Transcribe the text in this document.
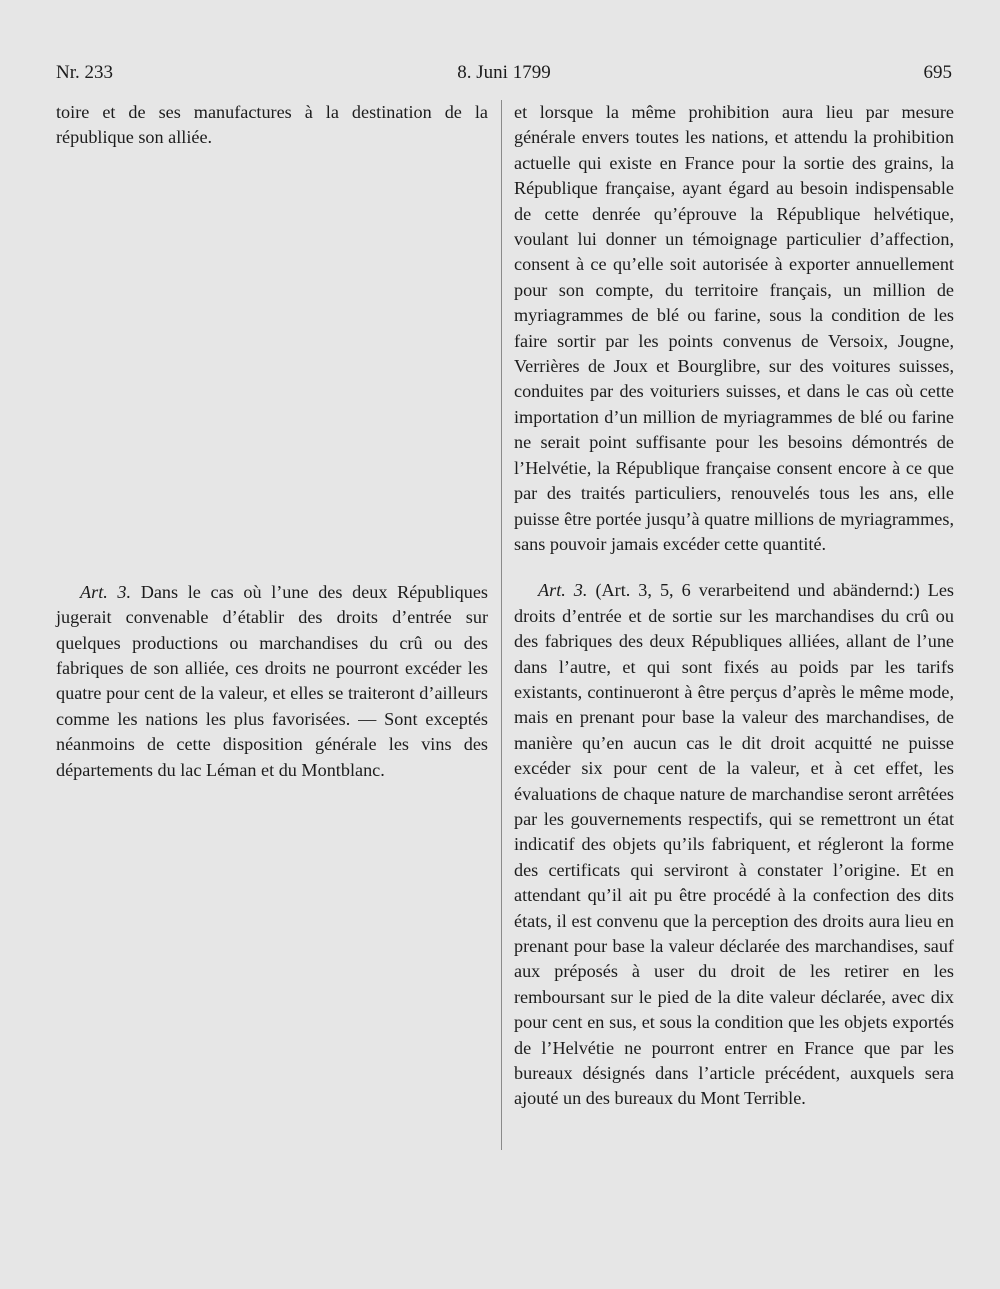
Nr. 233	8. Juni 1799	695

toire et de ses manufactures à la destination de la république son alliée.

Art. 3. Dans le cas où l’une des deux Républiques jugerait convenable d’établir des droits d’entrée sur quelques productions ou marchandises du crû ou des fabriques de son alliée, ces droits ne pourront excéder les quatre pour cent de la valeur, et elles se traiteront d’ailleurs comme les nations les plus favorisées. — Sont exceptés néanmoins de cette disposition générale les vins des départements du lac Léman et du Montblanc.

et lorsque la même prohibition aura lieu par mesure générale envers toutes les nations, et attendu la prohibition actuelle qui existe en France pour la sortie des grains, la République française, ayant égard au besoin indispensable de cette denrée qu’éprouve la République helvétique, voulant lui donner un témoignage particulier d’affection, consent à ce qu’elle soit autorisée à exporter annuellement pour son compte, du territoire français, un million de myriagrammes de blé ou farine, sous la condition de les faire sortir par les points convenus de Versoix, Jougne, Verrières de Joux et Bourglibre, sur des voitures suisses, conduites par des voituriers suisses, et dans le cas où cette importation d’un million de myriagrammes de blé ou farine ne serait point suffisante pour les besoins démontrés de l’Helvétie, la République française consent encore à ce que par des traités particuliers, renouvelés tous les ans, elle puisse être portée jusqu’à quatre millions de myriagrammes, sans pouvoir jamais excéder cette quantité.

Art. 3. (Art. 3, 5, 6 verarbeitend und abändernd:) Les droits d’entrée et de sortie sur les marchandises du crû ou des fabriques des deux Républiques alliées, allant de l’une dans l’autre, et qui sont fixés au poids par les tarifs existants, continueront à être perçus d’après le même mode, mais en prenant pour base la valeur des marchandises, de manière qu’en aucun cas le dit droit acquitté ne puisse excéder six pour cent de la valeur, et à cet effet, les évaluations de chaque nature de marchandise seront arrêtées par les gouvernements respectifs, qui se remettront un état indicatif des objets qu’ils fabriquent, et régleront la forme des certificats qui serviront à constater l’origine. Et en attendant qu’il ait pu être procédé à la confection des dits états, il est convenu que la perception des droits aura lieu en prenant pour base la valeur déclarée des marchandises, sauf aux préposés à user du droit de les retirer en les remboursant sur le pied de la dite valeur déclarée, avec dix pour cent en sus, et sous la condition que les objets exportés de l’Helvétie ne pourront entrer en France que par les bureaux désignés dans l’article précédent, auxquels sera ajouté un des bureaux du Mont Terrible.
